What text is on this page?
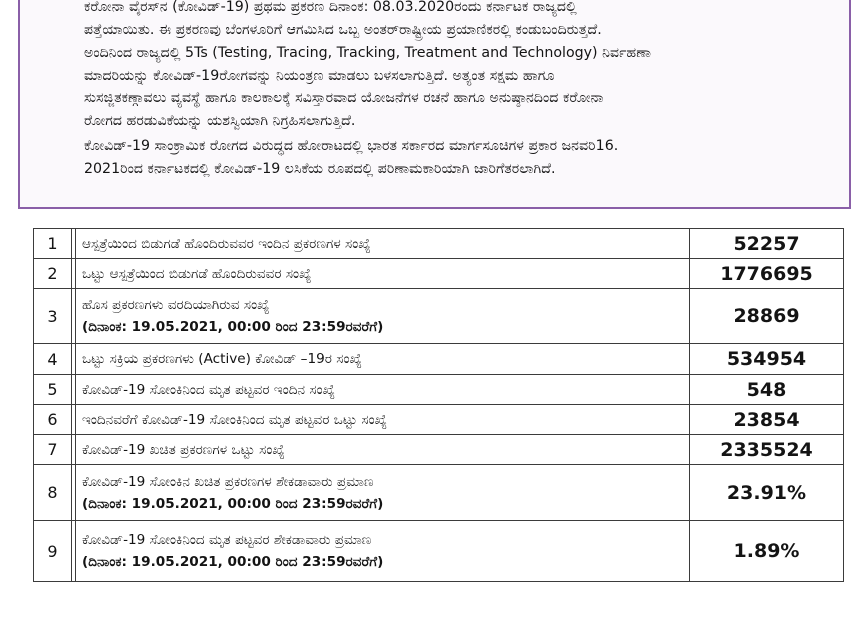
ಕರೋನಾ ವೈರಸ್‌ನ (ಕೋವಿಡ್-19) ಪ್ರಥಮ ಪ್ರಕರಣ ದಿನಾಂಕ: 08.03.2020ರಂದು ಕರ್ನಾಟಕ ರಾಜ್ಯದಲ್ಲಿ
ಪತ್ತೆಯಾಯಿತು. ಈ ಪ್ರಕರಣವು ಬೆಂಗಳೂರಿಗೆ ಆಗಮಿಸಿದ ಒಬ್ಬ ಅಂತರ್‌ರಾಷ್ಟ್ರೀಯ ಪ್ರಯಾಣಿಕರಲ್ಲಿ ಕಂಡುಬಂದಿರುತ್ತದೆ.

ಅಂದಿನಿಂದ ರಾಜ್ಯದಲ್ಲಿ 5Ts (Testing, Tracing, Tracking, Treatment and Technology) ನಿರ್ವಹಣಾ
ಮಾದರಿಯನ್ನು ಕೋವಿಡ್-19ರೋಗವನ್ನು ನಿಯಂತ್ರಣ ಮಾಡಲು ಬಳಸಲಾಗುತ್ತಿದೆ. ಅತ್ಯಂತ ಸಕ್ಷಮ ಹಾಗೂ
ಸುಸಜ್ಜಿತಕಣ್ಗಾವಲು ವ್ಯವಸ್ಥೆ ಹಾಗೂ ಕಾಲಕಾಲಕ್ಕೆ ಸವಿಸ್ತಾರವಾದ ಯೋಜನೆಗಳ ರಚನೆ ಹಾಗೂ ಅನುಷ್ಠಾನದಿಂದ ಕರೋನಾ
ರೋಗದ ಹರಡುವಿಕೆಯನ್ನು ಯಶಸ್ವಿಯಾಗಿ ನಿಗ್ರಹಿಸಲಾಗುತ್ತಿದೆ.

ಕೋವಿಡ್-19 ಸಾಂಕ್ರಾಮಿಕ ರೋಗದ ವಿರುದ್ಧದ ಹೋರಾಟದಲ್ಲಿ ಭಾರತ ಸರ್ಕಾರದ ಮಾರ್ಗಸೂಚಿಗಳ ಪ್ರಕಾರ ಜನವರಿ16.
2021ರಿಂದ ಕರ್ನಾಟಕದಲ್ಲಿ ಕೋವಿಡ್-19 ಲಸಿಕೆಯ ರೂಪದಲ್ಲಿ ಪರಿಣಾಮಕಾರಿಯಾಗಿ ಜಾರಿಗೆತರಲಾಗಿದೆ.

1		ಆಸ್ಪತ್ರೆಯಿಂದ ಬಿಡುಗಡೆ ಹೊಂದಿರುವವರ ಇಂದಿನ ಪ್ರಕರಣಗಳ ಸಂಖ್ಯೆ	52257
2		ಒಟ್ಟು ಆಸ್ಪತ್ರೆಯಿಂದ ಬಿಡುಗಡೆ ಹೊಂದಿರುವವರ ಸಂಖ್ಯೆ	1776695
3		ಹೊಸ ಪ್ರಕರಣಗಳು ವರದಿಯಾಗಿರುವ ಸಂಖ್ಯೆ
(ದಿನಾಂಕ: 19.05.2021, 00:00 ರಿಂದ 23:59ರವರೆಗೆ)	28869
4		ಒಟ್ಟು ಸಕ್ರಿಯ ಪ್ರಕರಣಗಳು (Active) ಕೋವಿಡ್ –19ರ ಸಂಖ್ಯೆ	534954
5		ಕೋವಿಡ್-19 ಸೋಂಕಿನಿಂದ ಮೃತ ಪಟ್ಟವರ ಇಂದಿನ ಸಂಖ್ಯೆ	548
6		ಇಂದಿನವರೆಗೆ ಕೋವಿಡ್-19 ಸೋಂಕಿನಿಂದ ಮೃತ ಪಟ್ಟವರ ಒಟ್ಟು ಸಂಖ್ಯೆ	23854
7		ಕೋವಿಡ್-19 ಖಚಿತ ಪ್ರಕರಣಗಳ ಒಟ್ಟು ಸಂಖ್ಯೆ	2335524
8		ಕೋವಿಡ್-19 ಸೋಂಕಿನ ಖಚಿತ ಪ್ರಕರಣಗಳ ಶೇಕಡಾವಾರು ಪ್ರಮಾಣ
(ದಿನಾಂಕ: 19.05.2021, 00:00 ರಿಂದ 23:59ರವರೆಗೆ)	23.91%
9		ಕೋವಿಡ್-19 ಸೋಂಕಿನಿಂದ ಮೃತ ಪಟ್ಟವರ ಶೇಕಡಾವಾರು ಪ್ರಮಾಣ
(ದಿನಾಂಕ: 19.05.2021, 00:00 ರಿಂದ 23:59ರವರೆಗೆ)	1.89%
